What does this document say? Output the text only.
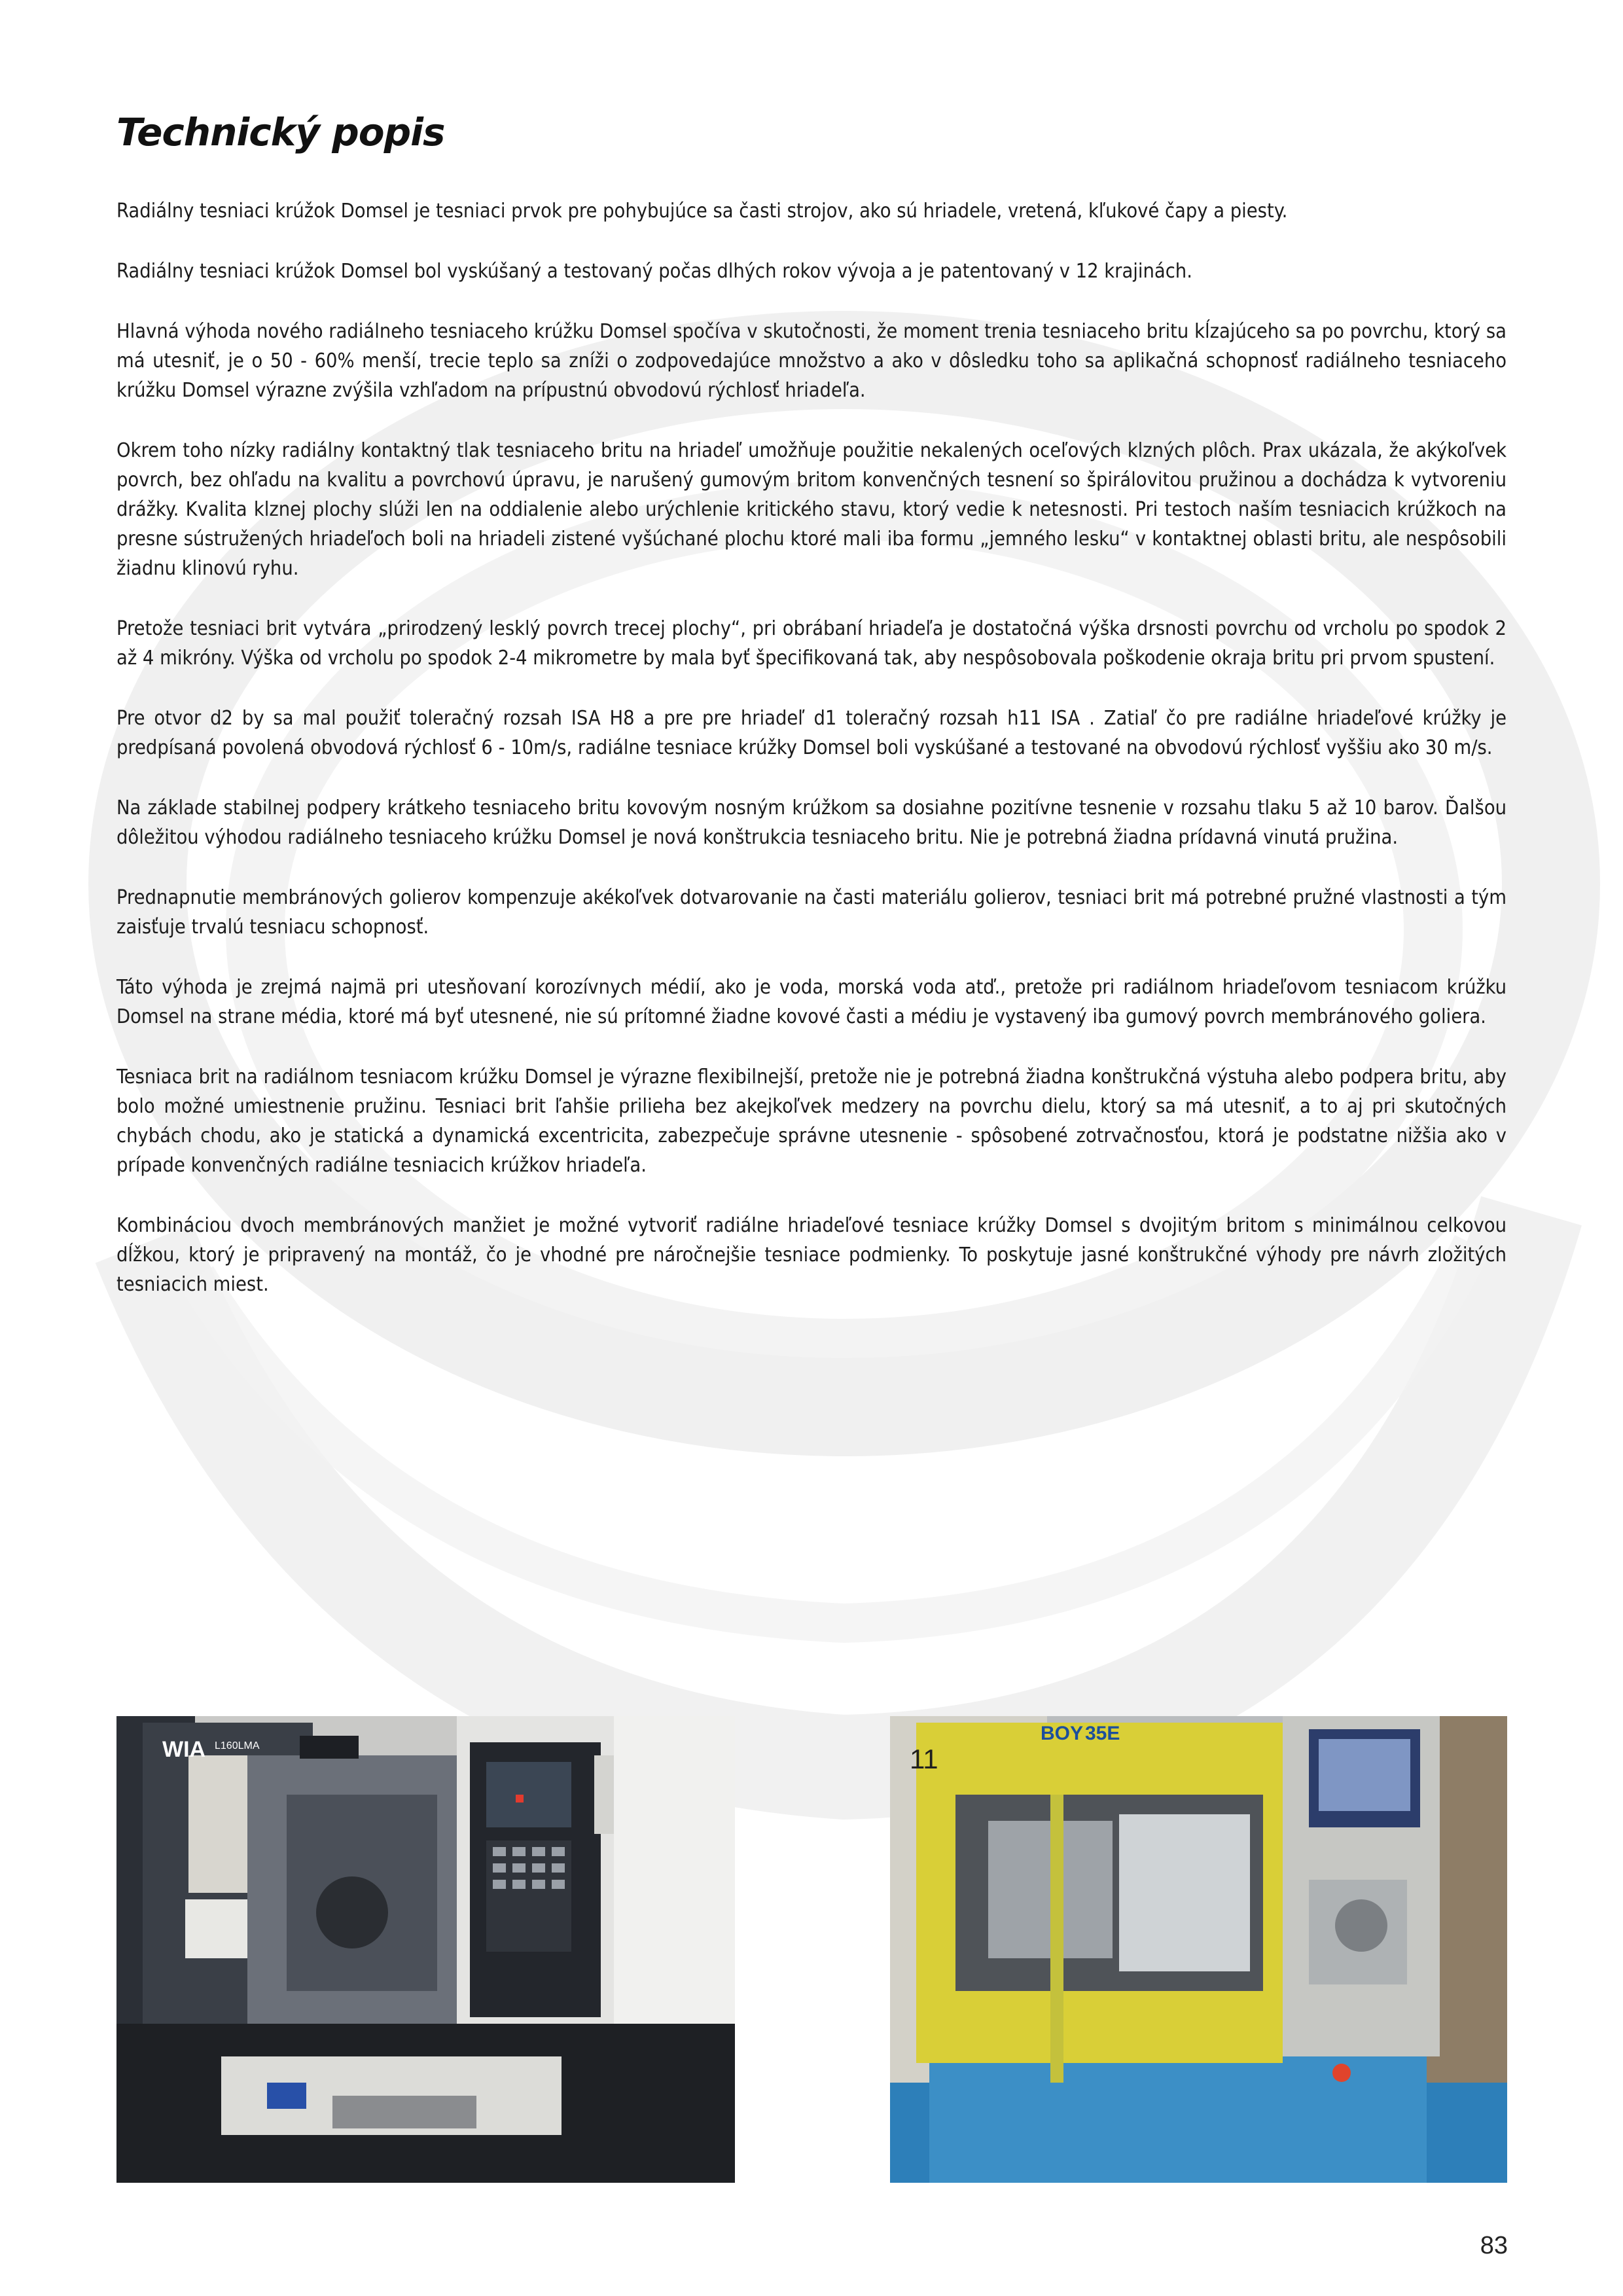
Technický popis

Radiálny tesniaci krúžok Domsel je tesniaci prvok pre pohybujúce sa časti strojov, ako sú hriadele, vretená, kľukové čapy a piesty.

Radiálny tesniaci krúžok Domsel bol vyskúšaný a testovaný počas dlhých rokov vývoja a je patentovaný v 12 krajinách.

Hlavná výhoda nového radiálneho tesniaceho krúžku Domsel spočíva v skutočnosti, že moment trenia tesniaceho britu kĺzajúceho sa po povrchu, ktorý sa má utesniť, je o 50 - 60% menší, trecie teplo sa zníži o zodpovedajúce množstvo a ako v dôsledku toho sa aplikačná schopnosť radiálneho tesniaceho krúžku Domsel výrazne zvýšila vzhľadom na prípustnú obvodovú rýchlosť hriadeľa.

Okrem toho nízky radiálny kontaktný tlak tesniaceho britu na hriadeľ umožňuje použitie nekalených oceľových klzných plôch. Prax ukázala, že akýkoľvek povrch, bez ohľadu na kvalitu a povrchovú úpravu, je narušený gumovým britom konvenčných tesnení so špirálovitou pružinou a dochádza k vytvoreniu drážky. Kvalita klznej plochy slúži len na oddialenie alebo urýchlenie kritického stavu, ktorý vedie k netesnosti. Pri testoch naším tesniacich krúžkoch na presne sústružených hriadeľoch boli na hriadeli zistené vyšúchané plochu ktoré mali iba formu „jemného lesku“ v kontaktnej oblasti britu, ale nespôsobili žiadnu klinovú ryhu.

Pretože tesniaci brit vytvára „prirodzený lesklý povrch trecej plochy“, pri obrábaní hriadeľa je dostatočná výška drsnosti povrchu od vrcholu po spodok 2 až 4 mikróny. Výška od vrcholu po spodok 2-4 mikrometre by mala byť špecifikovaná tak, aby nespôsobovala poškodenie okraja britu pri prvom spustení.

Pre otvor d2 by sa mal použiť toleračný rozsah ISA H8 a pre pre hriadeľ d1 toleračný rozsah h11 ISA . Zatiaľ čo pre radiálne hriadeľové krúžky je predpísaná povolená obvodová rýchlosť 6 - 10m/s, radiálne tesniace krúžky Domsel boli vyskúšané a testované na obvodovú rýchlosť vyššiu ako 30 m/s.

Na základe stabilnej podpery krátkeho tesniaceho britu kovovým nosným krúžkom sa dosiahne pozitívne tesnenie v rozsahu tlaku 5 až 10 barov. Ďalšou dôležitou výhodou radiálneho tesniaceho krúžku Domsel je nová konštrukcia tesniaceho britu. Nie je potrebná žiadna prídavná vinutá pružina.

Prednapnutie membránových golierov kompenzuje akékoľvek dotvarovanie na časti materiálu golierov, tesniaci brit má potrebné pružné vlastnosti a tým zaisťuje trvalú tesniacu schopnosť.

Táto výhoda je zrejmá najmä pri utesňovaní korozívnych médií, ako je voda, morská voda atď., pretože pri radiálnom hriadeľovom tesniacom krúžku Domsel na strane média, ktoré má byť utesnené, nie sú prítomné žiadne kovové časti a médiu je vystavený iba gumový povrch membránového goliera.

Tesniaca brit na radiálnom tesniacom krúžku Domsel je výrazne flexibilnejší, pretože nie je potrebná žiadna konštrukčná výstuha alebo podpera britu, aby bolo možné umiestnenie pružinu. Tesniaci brit ľahšie prilieha bez akejkoľvek medzery na povrchu dielu, ktorý sa má utesniť, a to aj pri skutočných chybách chodu, ako je statická a dynamická excentricita, zabezpečuje správne utesnenie - spôsobené zotrvačnosťou, ktorá je podstatne nižšia ako v prípade konvenčných radiálne tesniacich krúžkov hriadeľa.

Kombináciou dvoch membránových manžiet je možné vytvoriť radiálne hriadeľové tesniace krúžky Domsel s dvojitým britom s minimálnou celkovou dĺžkou, ktorý je pripravený na montáž, čo je vhodné pre náročnejšie tesniace podmienky. To poskytuje jasné konštrukčné výhody pre návrh zložitých tesniacich miest.

WIA L160LMA
BOY 35E
11
83
